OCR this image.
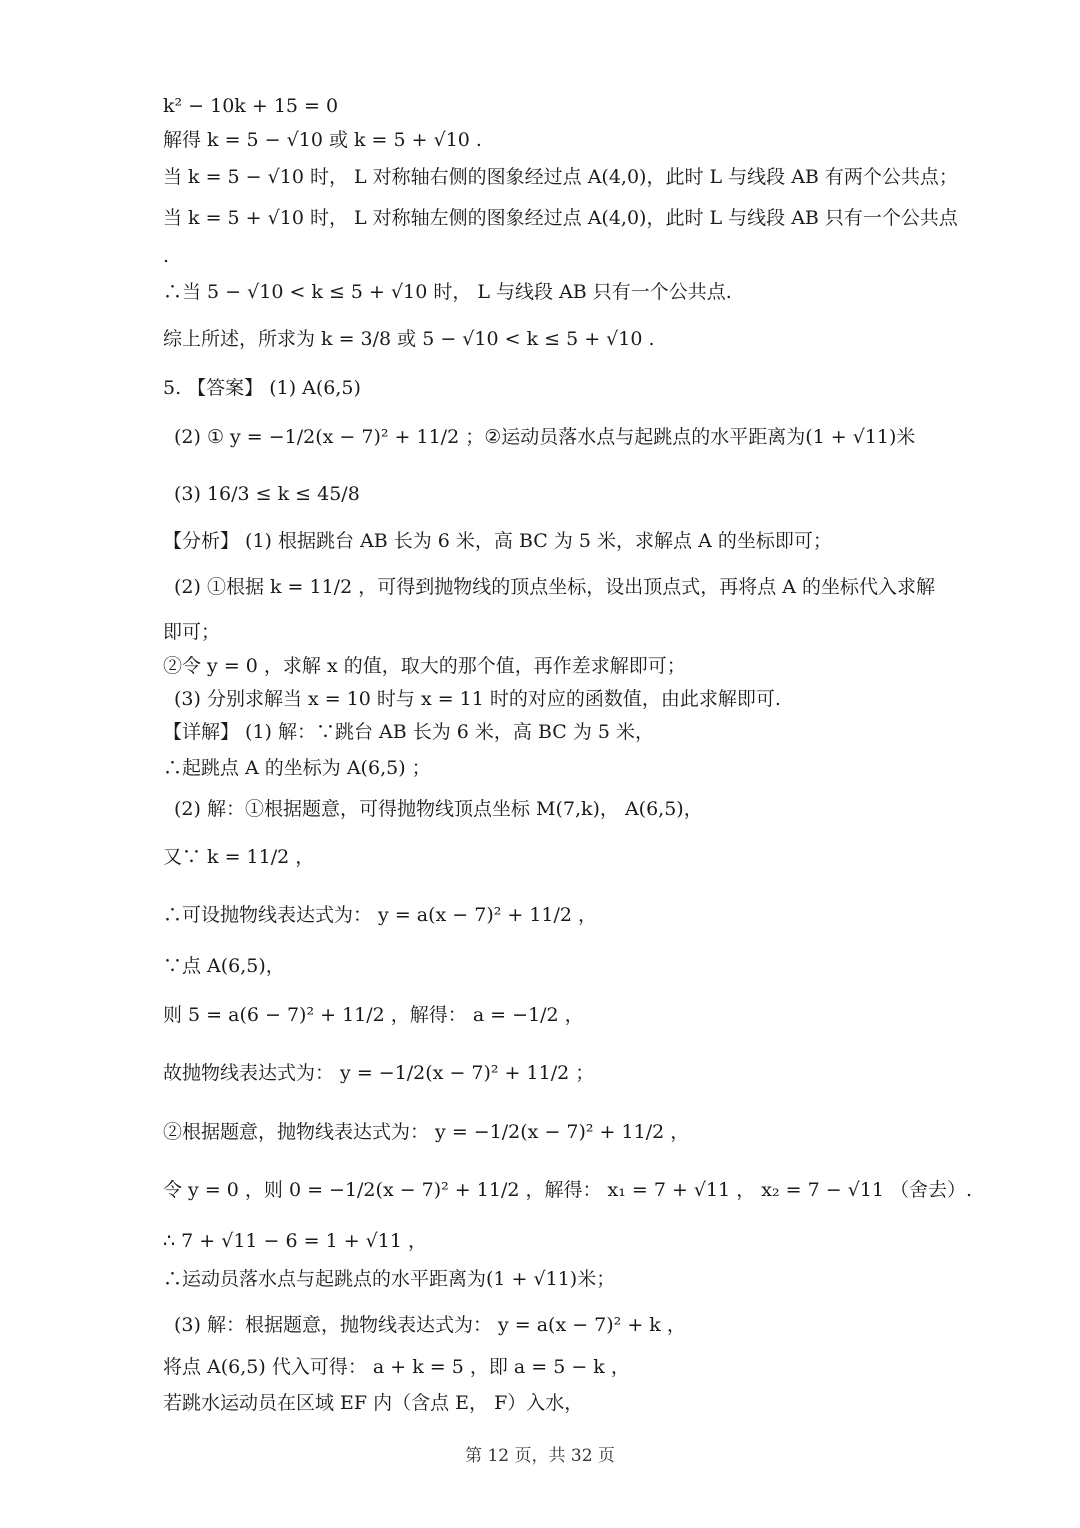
k² − 10k + 15 = 0
解得 k = 5 − √10 或 k = 5 + √10 .
当 k = 5 − √10 时， L 对称轴右侧的图象经过点 A(4,0)，此时 L 与线段 AB 有两个公共点；
当 k = 5 + √10 时， L 对称轴左侧的图象经过点 A(4,0)，此时 L 与线段 AB 只有一个公共点
.
∴当 5 − √10 < k ≤ 5 + √10 时， L 与线段 AB 只有一个公共点.
综上所述，所求为 k = 3/8 或 5 − √10 < k ≤ 5 + √10 .
5. 【答案】 (1) A(6,5)
(2) ① y = −1/2(x − 7)² + 11/2 ；②运动员落水点与起跳点的水平距离为(1 + √11)米
(3) 16/3 ≤ k ≤ 45/8
【分析】 (1) 根据跳台 AB 长为 6 米，高 BC 为 5 米，求解点 A 的坐标即可；
(2) ①根据 k = 11/2 ，可得到抛物线的顶点坐标，设出顶点式，再将点 A 的坐标代入求解
即可；
②令 y = 0 ，求解 x 的值，取大的那个值，再作差求解即可；
(3) 分别求解当 x = 10 时与 x = 11 时的对应的函数值，由此求解即可.
【详解】 (1) 解：∵跳台 AB 长为 6 米，高 BC 为 5 米，
∴起跳点 A 的坐标为 A(6,5) ；
(2) 解：①根据题意，可得抛物线顶点坐标 M(7,k)， A(6,5)，
又∵ k = 11/2 ，
∴可设抛物线表达式为： y = a(x − 7)² + 11/2 ，
∵点 A(6,5)，
则 5 = a(6 − 7)² + 11/2 ，解得： a = −1/2 ，
故抛物线表达式为： y = −1/2(x − 7)² + 11/2 ；
②根据题意，抛物线表达式为： y = −1/2(x − 7)² + 11/2 ，
令 y = 0 ，则 0 = −1/2(x − 7)² + 11/2 ，解得： x₁ = 7 + √11 ， x₂ = 7 − √11 （舍去）.
∴ 7 + √11 − 6 = 1 + √11 ，
∴运动员落水点与起跳点的水平距离为(1 + √11)米；
(3) 解：根据题意，抛物线表达式为： y = a(x − 7)² + k ，
将点 A(6,5) 代入可得： a + k = 5 ，即 a = 5 − k ，
若跳水运动员在区域 EF 内（含点 E， F）入水，
第 12 页，共 32 页
